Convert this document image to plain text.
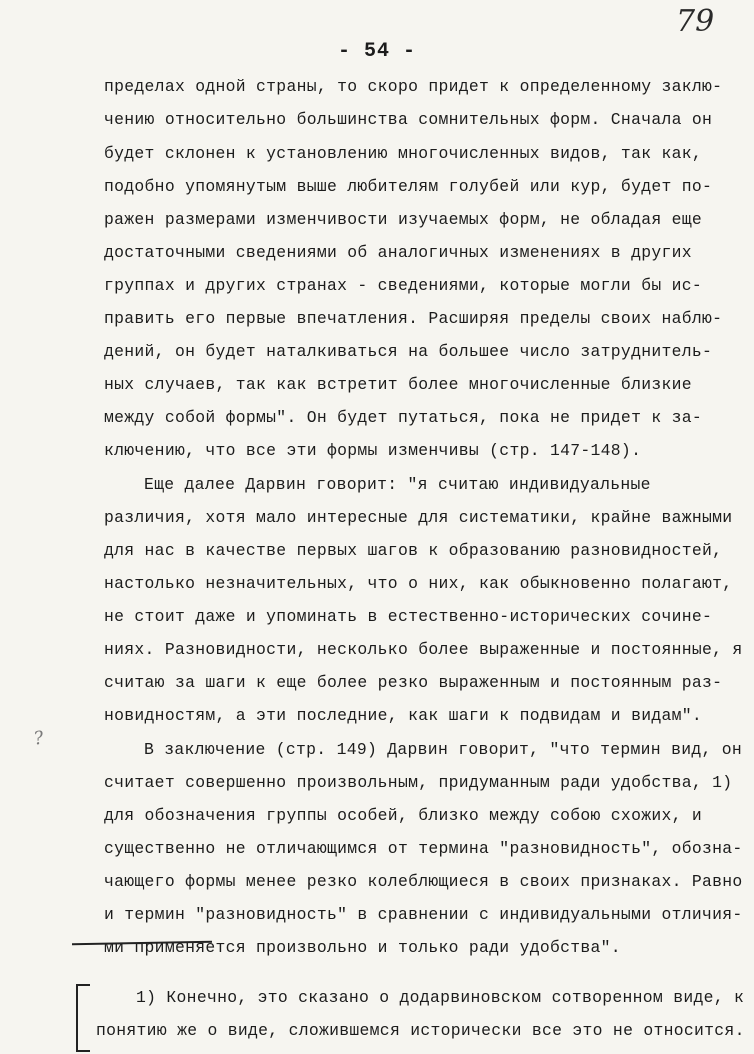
- 54 -
79
?
пределах одной страны, то скоро придет к определенному заклю-
чению относительно большинства сомнительных форм. Сначала он
будет склонен к установлению многочисленных видов, так как,
подобно упомянутым выше любителям голубей или кур, будет по-
ражен размерами изменчивости изучаемых форм, не обладая еще
достаточными сведениями об аналогичных изменениях в других
группах и других странах - сведениями, которые могли бы ис-
править его первые впечатления. Расширяя пределы своих наблю-
дений, он будет наталкиваться на большее число затруднитель-
ных случаев, так как встретит более многочисленные близкие
между собой формы". Он будет путаться, пока не придет к за-
ключению, что все эти формы изменчивы (стр. 147-148).
Еще далее Дарвин говорит: "я считаю индивидуальные
различия, хотя мало интересные для систематики, крайне важными
для нас в качестве первых шагов к образованию разновидностей,
настолько незначительных, что о них, как обыкновенно полагают,
не стоит даже и упоминать в естественно-исторических сочине-
ниях. Разновидности, несколько более выраженные и постоянные, я
считаю за шаги к еще более резко выраженным и постоянным раз-
новидностям, а эти последние, как шаги к подвидам и видам".
В заключение (стр. 149) Дарвин говорит, "что термин вид, он
считает совершенно произвольным, придуманным ради удобства, 1)
для обозначения группы особей, близко между собою схожих, и
существенно не отличающимся от термина "разновидность", обозна-
чающего формы менее резко колеблющиеся в своих признаках. Равно
и термин "разновидность" в сравнении с индивидуальными отличия-
ми применяется произвольно и только ради удобства".
1) Конечно, это сказано о додарвиновском сотворенном виде, к
понятию же о виде, сложившемся исторически все это не относится.
